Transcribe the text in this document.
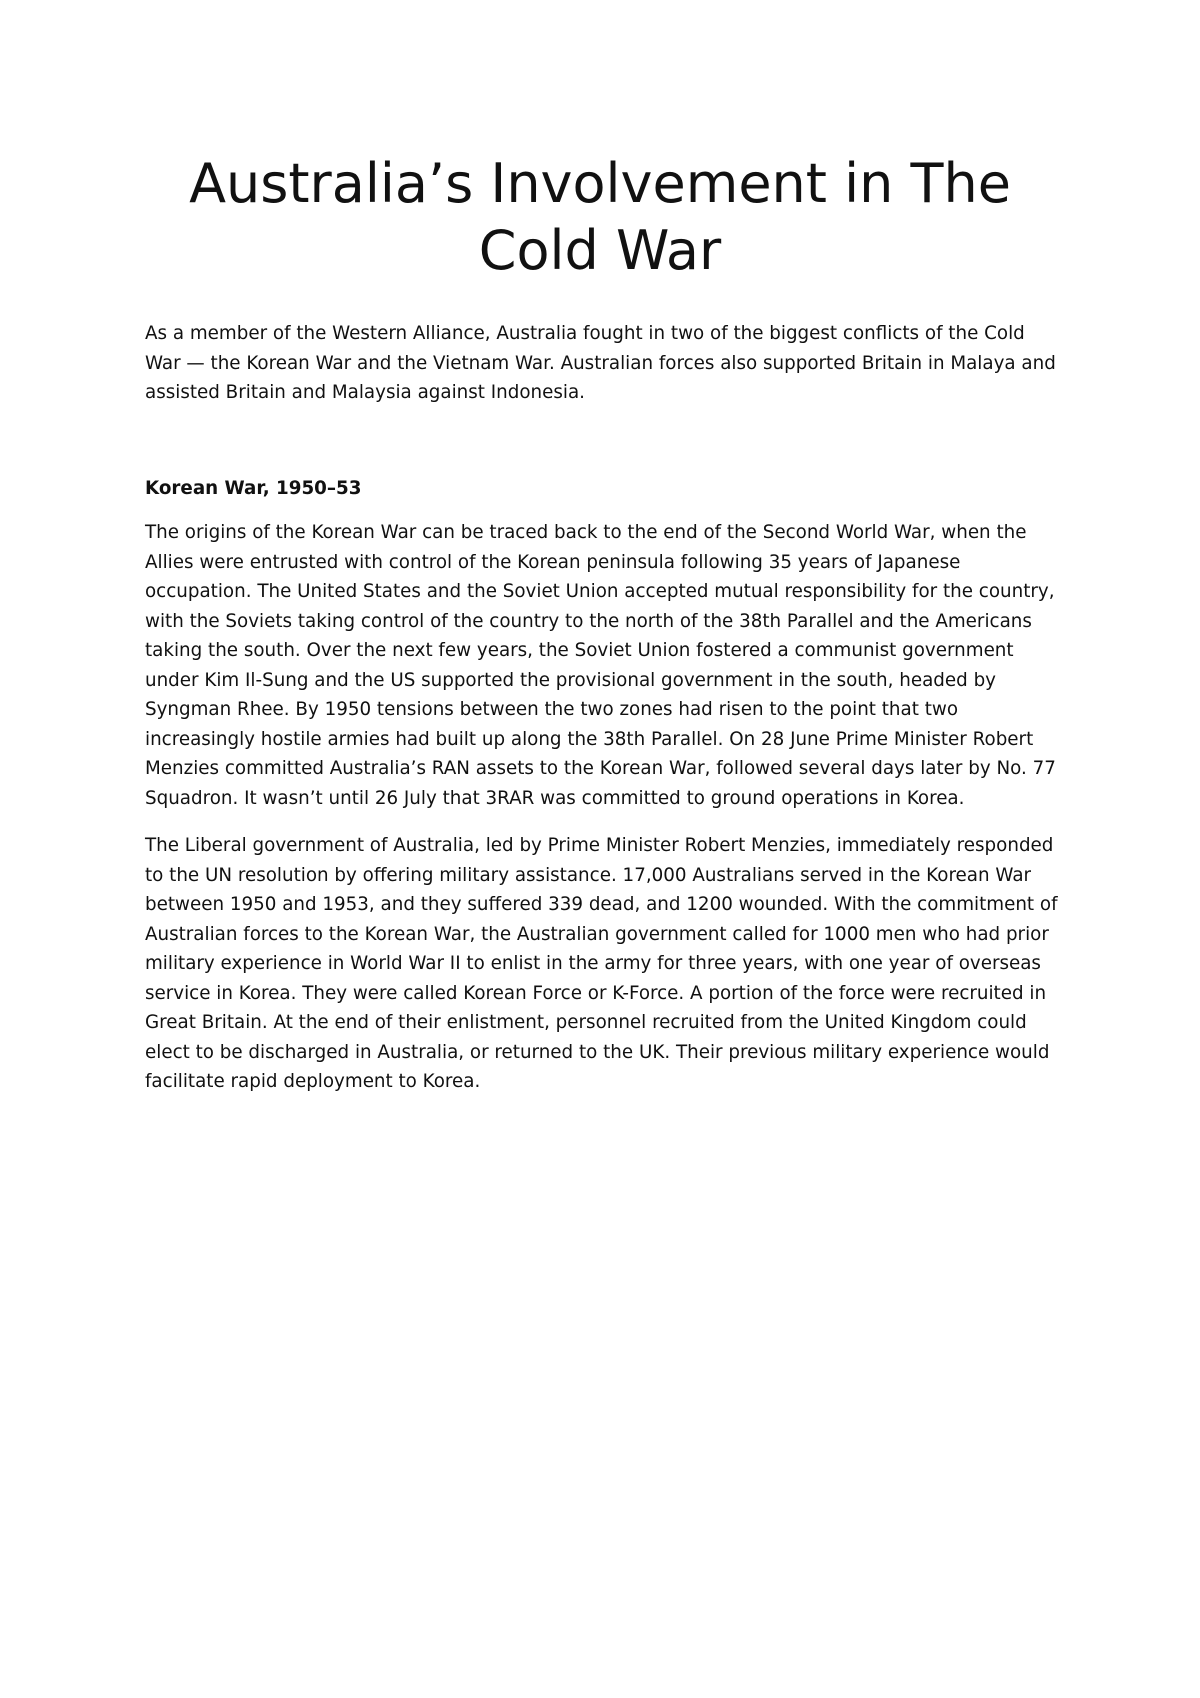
Australia’s Involvement in The Cold War

As a member of the Western Alliance, Australia fought in two of the biggest conflicts of the Cold War — the Korean War and the Vietnam War. Australian forces also supported Britain in Malaya and assisted Britain and Malaysia against Indonesia.

Korean War, 1950–53

The origins of the Korean War can be traced back to the end of the Second World War, when the Allies were entrusted with control of the Korean peninsula following 35 years of Japanese occupation. The United States and the Soviet Union accepted mutual responsibility for the country, with the Soviets taking control of the country to the north of the 38th Parallel and the Americans taking the south. Over the next few years, the Soviet Union fostered a communist government under Kim Il-Sung and the US supported the provisional government in the south, headed by Syngman Rhee. By 1950 tensions between the two zones had risen to the point that two increasingly hostile armies had built up along the 38th Parallel. On 28 June Prime Minister Robert Menzies committed Australia’s RAN assets to the Korean War, followed several days later by No. 77 Squadron. It wasn’t until 26 July that 3RAR was committed to ground operations in Korea.

The Liberal government of Australia, led by Prime Minister Robert Menzies, immediately responded to the UN resolution by offering military assistance. 17,000 Australians served in the Korean War between 1950 and 1953, and they suffered 339 dead, and 1200 wounded. With the commitment of Australian forces to the Korean War, the Australian government called for 1000 men who had prior military experience in World War II to enlist in the army for three years, with one year of overseas service in Korea. They were called Korean Force or K-Force. A portion of the force were recruited in Great Britain. At the end of their enlistment, personnel recruited from the United Kingdom could elect to be discharged in Australia, or returned to the UK. Their previous military experience would facilitate rapid deployment to Korea.
